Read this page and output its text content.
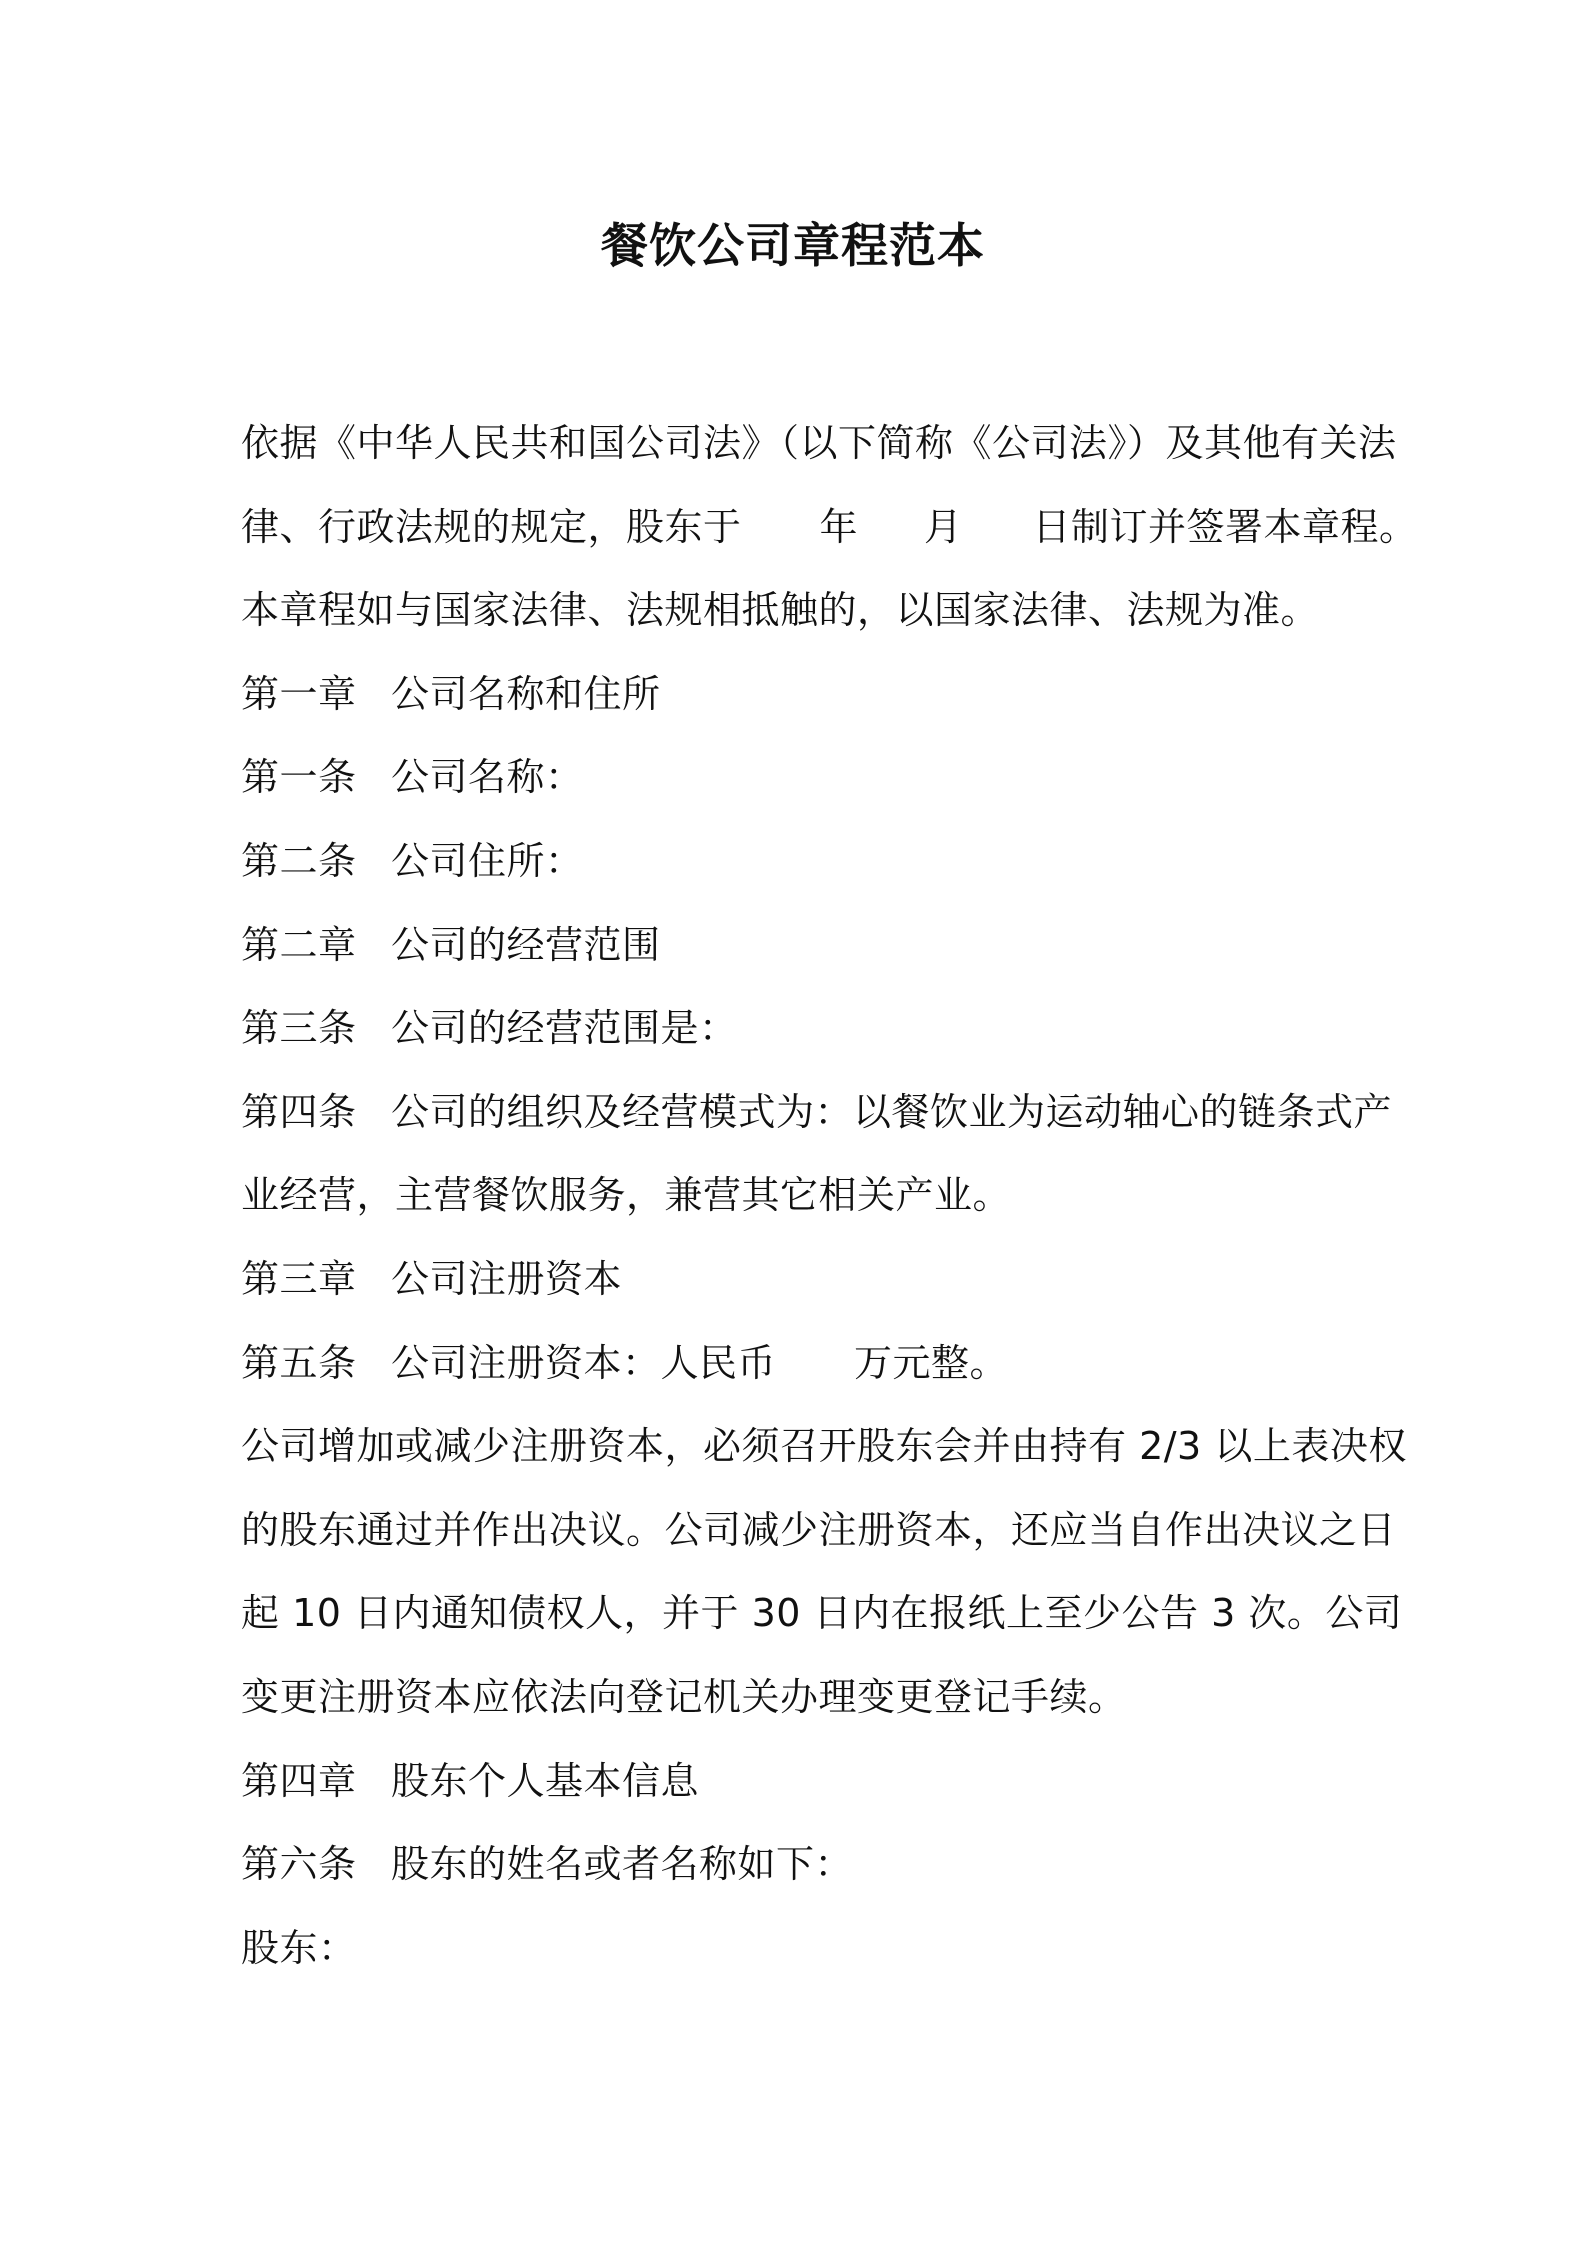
餐饮公司章程范本
依据《中华人民共和国公司法》（以下简称《公司法》）及其他有关法
律、行政法规的规定，股东于 年 月 日制订并签署本章程。
本章程如与国家法律、法规相抵触的，以国家法律、法规为准。
第一章 公司名称和住所
第一条 公司名称：
第二条 公司住所：
第二章 公司的经营范围
第三条 公司的经营范围是：
第四条 公司的组织及经营模式为：以餐饮业为运动轴心的链条式产
业经营，主营餐饮服务，兼营其它相关产业。
第三章 公司注册资本
第五条 公司注册资本：人民币 万元整。
公司增加或减少注册资本，必须召开股东会并由持有 2/3 以上表决权
的股东通过并作出决议。公司减少注册资本，还应当自作出决议之日
起 10 日内通知债权人，并于 30 日内在报纸上至少公告 3 次。公司
变更注册资本应依法向登记机关办理变更登记手续。
第四章 股东个人基本信息
第六条 股东的姓名或者名称如下：
股东：
